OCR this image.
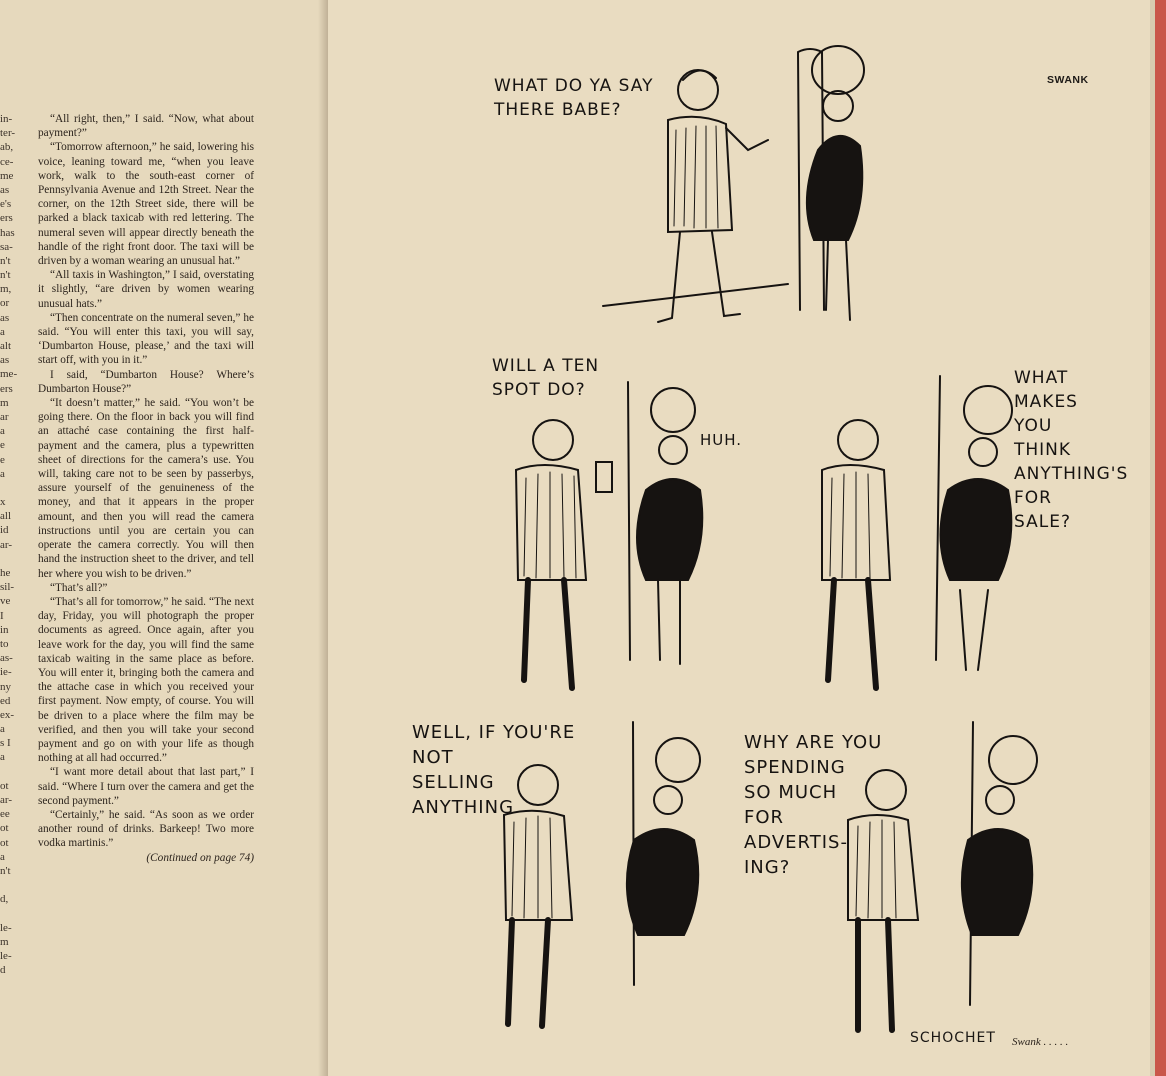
in-
ter-
ab,
ce-
me
as
e's
ers
has
sa-
n't
n't
m,
or
as
a
alt
as
me-
ers
m
ar
a
e
e
a
x
all
id
ar-
he
sil-
ve
I
in
to
as-
ie-
ny
ed
ex-
a
s I
a
ot
ar-
ee
ot
ot
a
n't
d,
le-
m
le-
d

“All right, then,” I said. “Now, what about payment?”

“Tomorrow afternoon,” he said, lowering his voice, leaning toward me, “when you leave work, walk to the south-east corner of Pennsylvania Avenue and 12th Street. Near the corner, on the 12th Street side, there will be parked a black taxicab with red lettering. The numeral seven will appear directly beneath the handle of the right front door. The taxi will be driven by a woman wearing an unusual hat.”

“All taxis in Washington,” I said, overstating it slightly, “are driven by women wearing unusual hats.”

“Then concentrate on the numeral seven,” he said. “You will enter this taxi, you will say, ‘Dumbarton House, please,’ and the taxi will start off, with you in it.”

I said, “Dumbarton House? Where’s Dumbarton House?”

“It doesn’t matter,” he said. “You won’t be going there. On the floor in back you will find an attaché case containing the first half-payment and the camera, plus a typewritten sheet of directions for the camera’s use. You will, taking care not to be seen by passerbys, assure yourself of the genuineness of the money, and that it appears in the proper amount, and then you will read the camera instructions until you are certain you can operate the camera correctly. You will then hand the instruction sheet to the driver, and tell her where you wish to be driven.”

“That’s all?”

“That’s all for tomorrow,” he said. “The next day, Friday, you will photograph the proper documents as agreed. Once again, after you leave work for the day, you will find the same taxicab waiting in the same place as before. You will enter it, bringing both the camera and the attache case in which you received your first payment. Now empty, of course. You will be driven to a place where the film may be verified, and then you will take your second payment and go on with your life as though nothing at all had occurred.”

“I want more detail about that last part,” I said. “Where I turn over the camera and get the second payment.”

“Certainly,” he said. “As soon as we order another round of drinks. Barkeep! Two more vodka martinis.”

(Continued on page 74)

SWANK
WHAT DO YA SAY
THERE BABE?
WILL A TEN
SPOT DO?
HUH.
WHAT
MAKES
YOU
THINK
ANYTHING'S
FOR
SALE?
WELL, IF YOU'RE
NOT
SELLING
ANYTHING
WHY ARE YOU
SPENDING
SO MUCH
FOR
ADVERTIS-
ING?
SCHOCHET Swank . . . . .
